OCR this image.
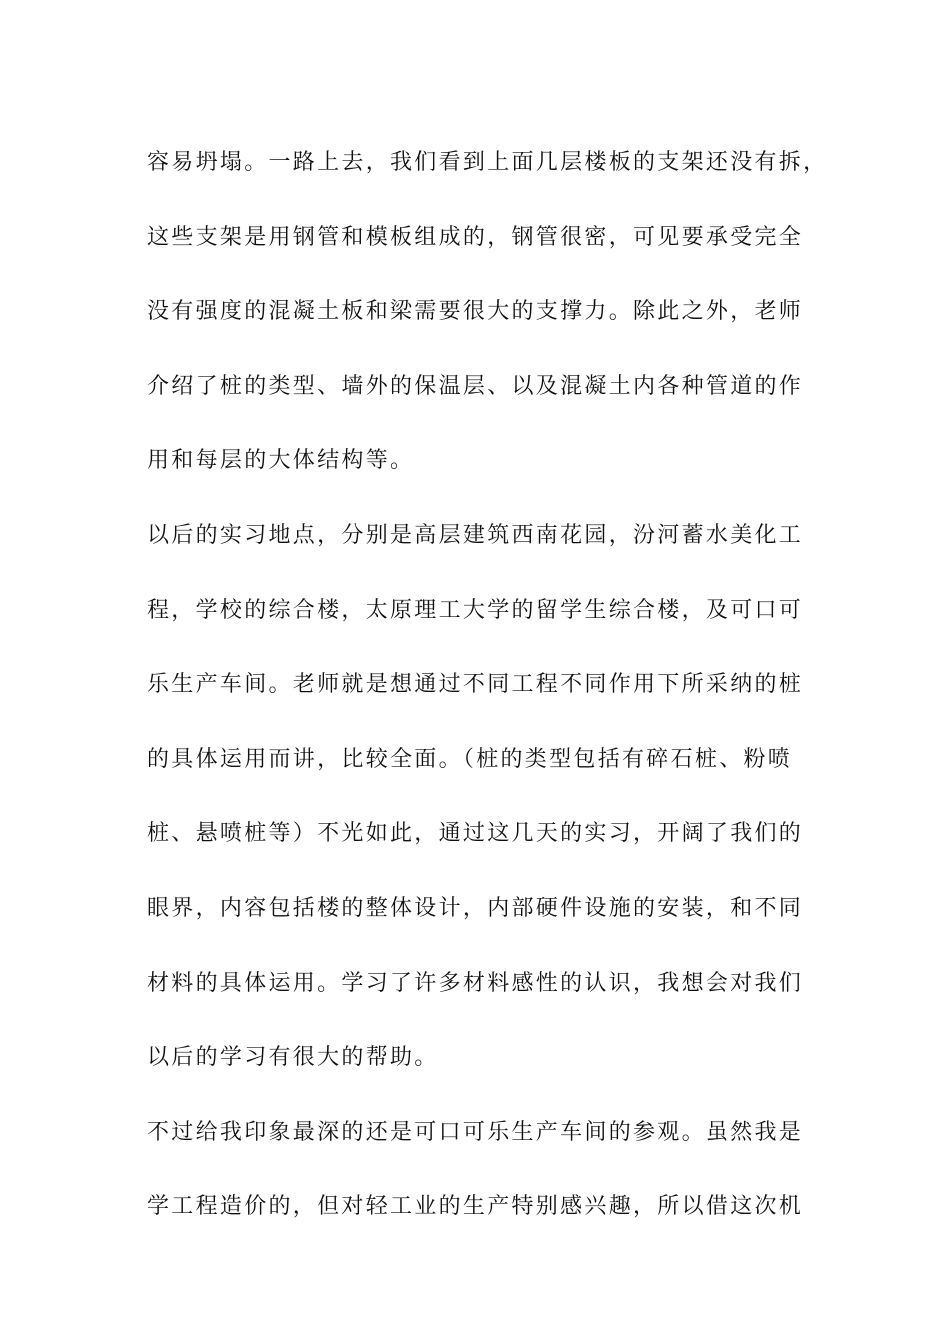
容易坍塌。一路上去，我们看到上面几层楼板的支架还没有拆，
这些支架是用钢管和模板组成的，钢管很密，可见要承受完全
没有强度的混凝土板和梁需要很大的支撑力。除此之外，老师
介绍了桩的类型、墙外的保温层、以及混凝土内各种管道的作
用和每层的大体结构等。
以后的实习地点，分别是高层建筑西南花园，汾河蓄水美化工
程，学校的综合楼，太原理工大学的留学生综合楼，及可口可
乐生产车间。老师就是想通过不同工程不同作用下所采纳的桩
的具体运用而讲，比较全面。（桩的类型包括有碎石桩、粉喷
桩、悬喷桩等）不光如此，通过这几天的实习，开阔了我们的
眼界，内容包括楼的整体设计，内部硬件设施的安装，和不同
材料的具体运用。学习了许多材料感性的认识，我想会对我们
以后的学习有很大的帮助。
不过给我印象最深的还是可口可乐生产车间的参观。虽然我是
学工程造价的，但对轻工业的生产特别感兴趣，所以借这次机
